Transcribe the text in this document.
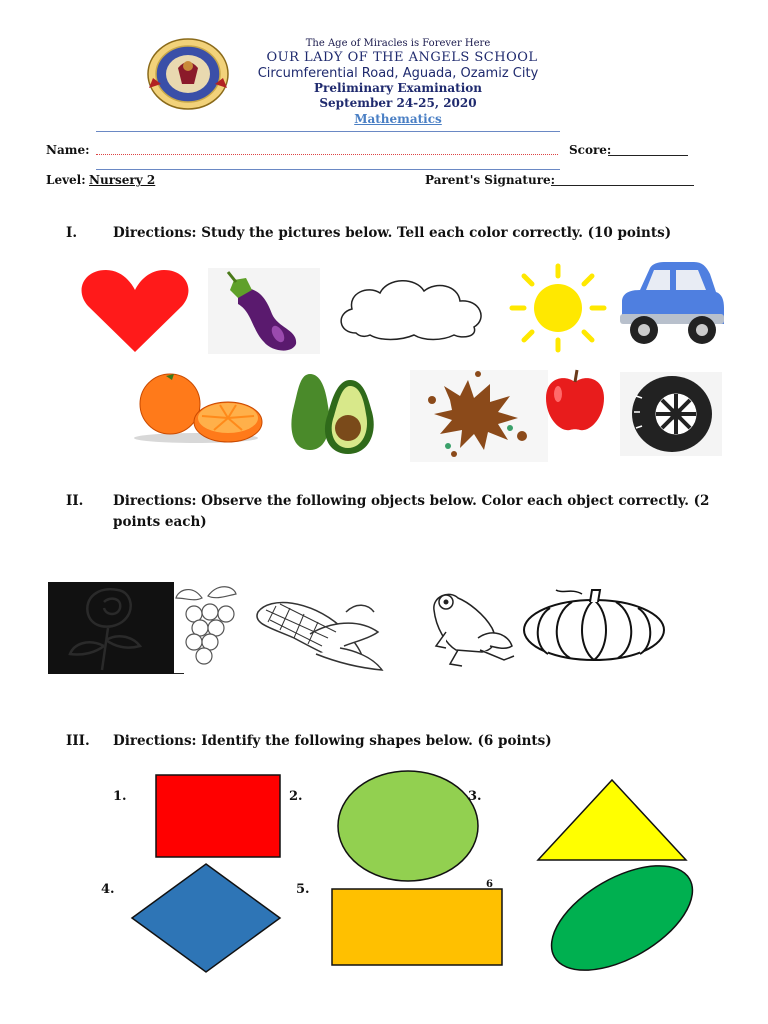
The Age of Miracles is Forever Here
OUR LADY OF THE ANGELS SCHOOL
Circumferential Road, Aguada, Ozamiz City
Preliminary Examination
September 24-25, 2020
Mathematics
Name:	Score:
Level: Nursery 2	Parent's Signature:
I.	Directions: Study the pictures below. Tell each color correctly. (10 points)
II. Directions: Observe the following objects below. Color each object correctly. (2
points each)
III. Directions: Identify the following shapes below. (6 points)
1.	2.	3.
4.	5.	6
